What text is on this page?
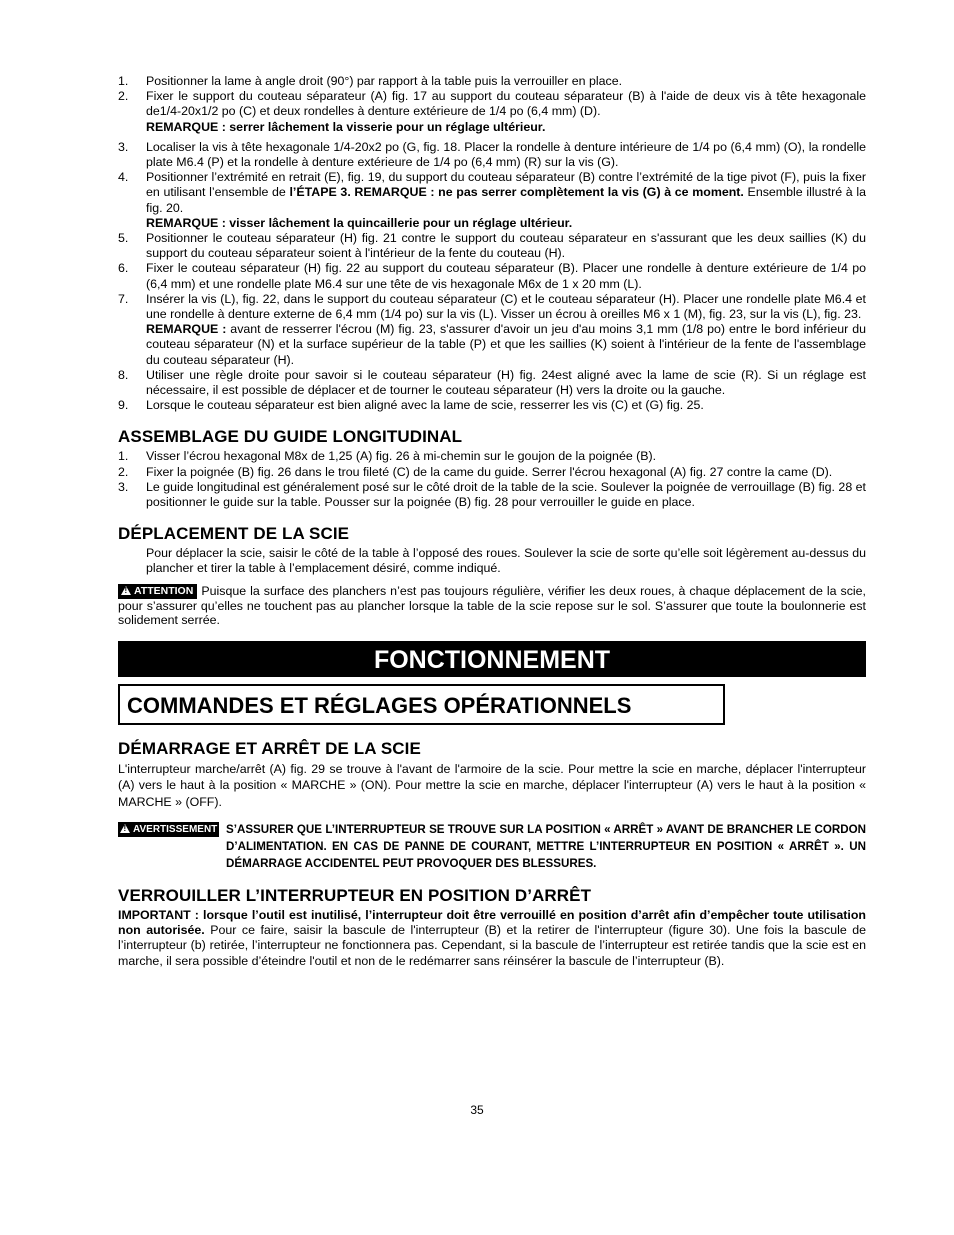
1.	Positionner la lame à angle droit (90°) par rapport à la table puis la verrouiller en place.

2.	Fixer le support du couteau séparateur (A) fig. 17 au support du couteau séparateur (B) à l'aide de deux vis à tête hexagonale de1/4-20x1/2 po (C) et deux rondelles à denture extérieure de 1/4 po (6,4 mm) (D).

REMARQUE : serrer lâchement la visserie pour un réglage ultérieur.

3.	Localiser la vis à tête hexagonale 1/4-20x2 po (G, fig. 18. Placer la rondelle à denture intérieure de 1/4 po (6,4 mm) (O), la rondelle plate M6.4 (P) et la rondelle à denture extérieure de 1/4 po (6,4 mm) (R) sur la vis (G).

4.	Positionner l’extrémité en retrait (E), fig. 19, du support du couteau séparateur (B) contre l’extrémité de la tige pivot (F), puis la fixer en utilisant l’ensemble de l’ÉTAPE 3. REMARQUE : ne pas serrer complètement la vis (G) à ce moment. Ensemble illustré à la fig. 20.

REMARQUE : visser lâchement la quincaillerie pour un réglage ultérieur.

5.	Positionner le couteau séparateur (H) fig. 21 contre le support du couteau séparateur en s'assurant que les deux saillies (K) du support du couteau séparateur soient à l'intérieur de la fente du couteau (H).

6.	Fixer le couteau séparateur (H) fig. 22 au support du couteau séparateur (B). Placer une rondelle à denture extérieure de 1/4 po (6,4 mm) et une rondelle plate M6.4 sur une tête de vis hexagonale M6x de 1 x 20 mm (L).

7.	Insérer la vis (L), fig. 22, dans le support du couteau séparateur (C) et le couteau séparateur (H). Placer une rondelle plate M6.4 et une rondelle à denture externe de 6,4 mm (1/4 po) sur la vis (L). Visser un écrou à oreilles M6 x 1 (M), fig. 23, sur la vis (L), fig. 23.

REMARQUE : avant de resserrer l'écrou (M) fig. 23, s'assurer d'avoir un jeu d'au moins 3,1 mm (1/8 po) entre le bord inférieur du couteau séparateur (N) et la surface supérieur de la table (P) et que les saillies (K) soient à l'intérieur de la fente de l'assemblage du couteau séparateur (H).

8.	Utiliser une règle droite pour savoir si le couteau séparateur (H) fig. 24est aligné avec la lame de scie (R). Si un réglage est nécessaire, il est possible de déplacer et de tourner le couteau séparateur (H) vers la droite ou la gauche.

9.	Lorsque le couteau séparateur est bien aligné avec la lame de scie, resserrer les vis (C) et (G) fig. 25.

ASSEMBLAGE DU GUIDE LONGITUDINAL
1.	Visser l’écrou hexagonal M8x de 1,25 (A) fig. 26 à mi-chemin sur le goujon de la poignée (B).

2.	Fixer la poignée (B) fig. 26 dans le trou fileté (C) de la came du guide. Serrer l'écrou hexagonal (A) fig. 27 contre la came (D).

3.	Le guide longitudinal est généralement posé sur le côté droit de la table de la scie. Soulever la poignée de verrouillage (B) fig. 28 et positionner le guide sur la table. Pousser sur la poignée (B) fig. 28 pour verrouiller le guide en place.

DÉPLACEMENT DE LA SCIE

Pour déplacer la scie, saisir le côté de la table à l’opposé des roues. Soulever la scie de sorte qu’elle soit légèrement au-dessus du plancher et tirer la table à l’emplacement désiré, comme indiqué.

!ATTENTION Puisque la surface des planchers n’est pas toujours régulière, vérifier les deux roues, à chaque déplacement de la scie, pour s’assurer qu’elles ne touchent pas au plancher lorsque la table de la scie repose sur le sol. S’assurer que toute la boulonnerie est solidement serrée.
FONCTIONNEMENT
COMMANDES ET RÉGLAGES OPÉRATIONNELS
DÉMARRAGE ET ARRÊT DE LA SCIE

L'interrupteur marche/arrêt (A) fig. 29 se trouve à l'avant de l'armoire de la scie. Pour mettre la scie en marche, déplacer l'interrupteur (A) vers le haut à la position « MARCHE » (ON). Pour mettre la scie en marche, déplacer l'interrupteur (A) vers le haut à la position « MARCHE » (OFF).

!AVERTISSEMENT S’ASSURER QUE L’INTERRUPTEUR SE TROUVE SUR LA POSITION « ARRÊT » AVANT DE BRANCHER LE CORDON D’ALIMENTATION. EN CAS DE PANNE DE COURANT, METTRE L’INTERRUPTEUR EN POSITION « ARRÊT ». UN DÉMARRAGE ACCIDENTEL PEUT PROVOQUER DES BLESSURES.
VERROUILLER L’INTERRUPTEUR EN POSITION D’ARRÊT

IMPORTANT : lorsque l’outil est inutilisé, l’interrupteur doit être verrouillé en position d’arrêt afin d’empêcher toute utilisation non autorisée. Pour ce faire, saisir la bascule de l'interrupteur (B) et la retirer de l'interrupteur (figure 30). Une fois la bascule de l’interrupteur (b) retirée, l’interrupteur ne fonctionnera pas. Cependant, si la bascule de l’interrupteur est retirée tandis que la scie est en marche, il sera possible d’éteindre l'outil et non de le redémarrer sans réinsérer la bascule de l’interrupteur (B).

35
